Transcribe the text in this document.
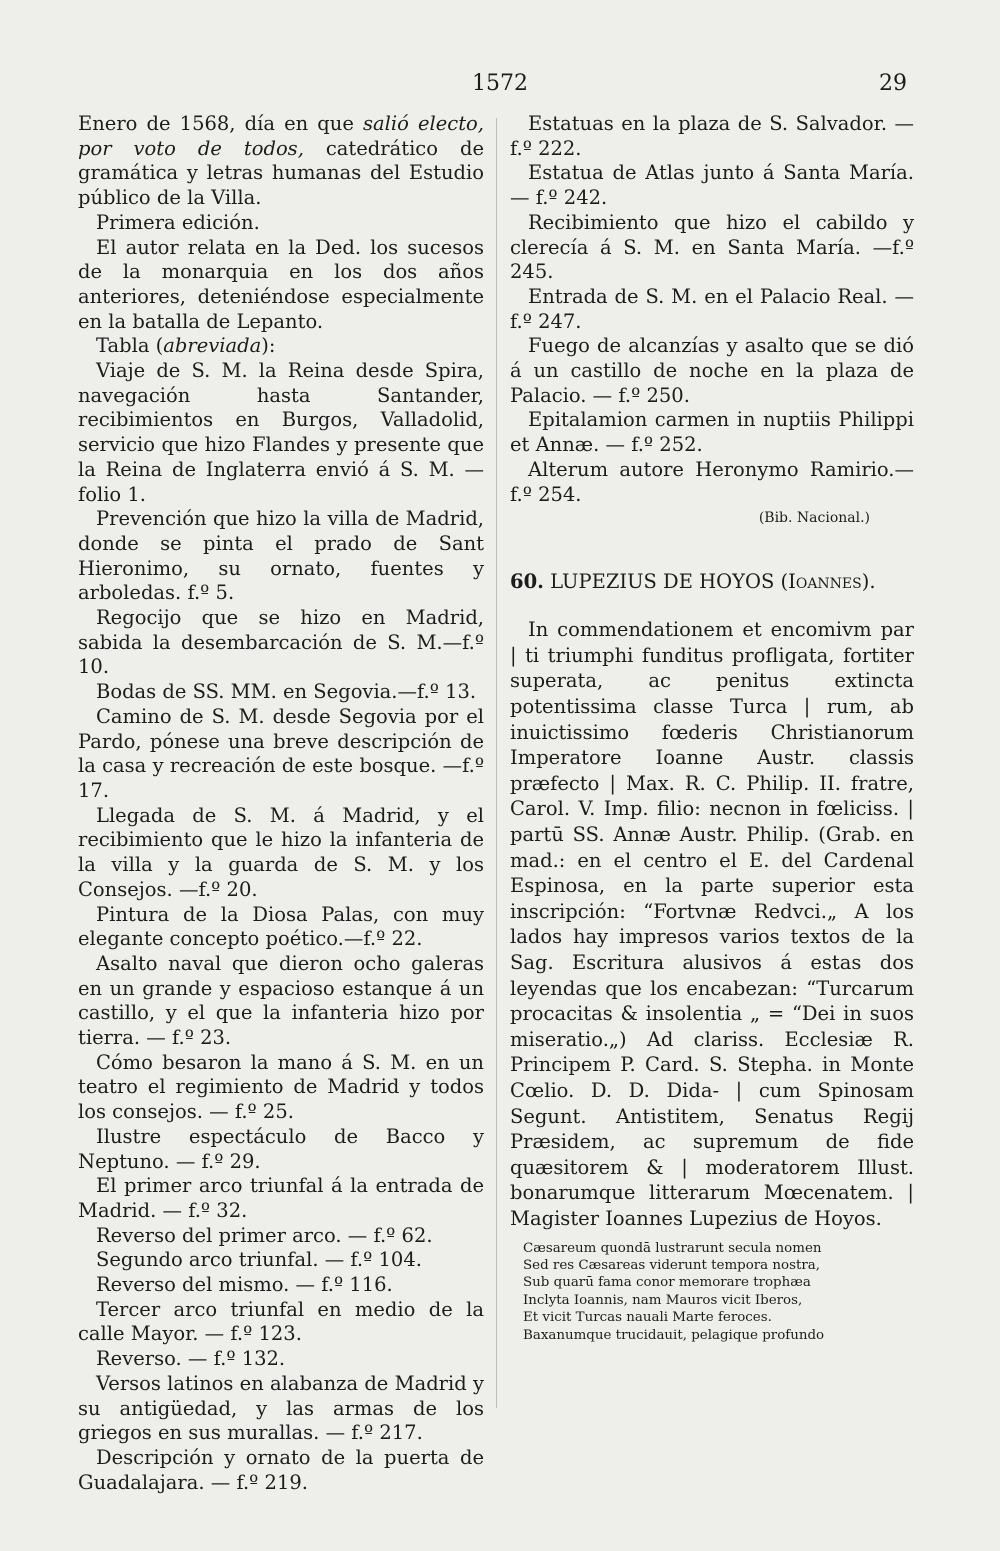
1572	29

Enero de 1568, día en que salió electo, por voto de todos, catedrático de gramática y letras humanas del Estudio público de la Villa.

Primera edición.

El autor relata en la Ded. los sucesos de la monarquia en los dos años anteriores, deteniéndose especialmente en la batalla de Lepanto.

Tabla (abreviada):

Viaje de S. M. la Reina desde Spira, navegación hasta Santander, recibimientos en Burgos, Valladolid, servicio que hizo Flandes y presente que la Reina de Inglaterra envió á S. M. — folio 1.

Prevención que hizo la villa de Madrid, donde se pinta el prado de Sant Hieronimo, su ornato, fuentes y arboledas. f.º 5.

Regocijo que se hizo en Madrid, sabida la desembarcación de S. M.—f.º 10.

Bodas de SS. MM. en Segovia.—f.º 13.

Camino de S. M. desde Segovia por el Pardo, pónese una breve descripción de la casa y recreación de este bosque. —f.º 17.

Llegada de S. M. á Madrid, y el recibimiento que le hizo la infanteria de la villa y la guarda de S. M. y los Consejos. —f.º 20.

Pintura de la Diosa Palas, con muy elegante concepto poético.—f.º 22.

Asalto naval que dieron ocho galeras en un grande y espacioso estanque á un castillo, y el que la infanteria hizo por tierra. — f.º 23.

Cómo besaron la mano á S. M. en un teatro el regimiento de Madrid y todos los consejos. — f.º 25.

Ilustre espectáculo de Bacco y Neptuno. — f.º 29.

El primer arco triunfal á la entrada de Madrid. — f.º 32.

Reverso del primer arco. — f.º 62.

Segundo arco triunfal. — f.º 104.

Reverso del mismo. — f.º 116.

Tercer arco triunfal en medio de la calle Mayor. — f.º 123.

Reverso. — f.º 132.

Versos latinos en alabanza de Madrid y su antigüedad, y las armas de los griegos en sus murallas. — f.º 217.

Descripción y ornato de la puerta de Guadalajara. — f.º 219.

Estatuas en la plaza de S. Salvador. — f.º 222.

Estatua de Atlas junto á Santa María. — f.º 242.

Recibimiento que hizo el cabildo y clerecía á S. M. en Santa María. —f.º 245.

Entrada de S. M. en el Palacio Real. — f.º 247.

Fuego de alcanzías y asalto que se dió á un castillo de noche en la plaza de Palacio. — f.º 250.

Epitalamion carmen in nuptiis Philippi et Annæ. — f.º 252.

Alterum autore Heronymo Ramirio.— f.º 254.

(Bib. Nacional.)

60. LUPEZIUS DE HOYOS (Ioannes).

In commendationem et encomivm par | ti triumphi funditus profligata, fortiter superata, ac penitus extincta potentissima classe Turca | rum, ab inuictissimo fœderis Christianorum Imperatore Ioanne Austr. classis præfecto | Max. R. C. Philip. II. fratre, Carol. V. Imp. filio: necnon in fœliciss. | partū SS. Annæ Austr. Philip. (Grab. en mad.: en el centro el E. del Cardenal Espinosa, en la parte superior esta inscripción: “Fortvnæ Redvci.„ A los lados hay impresos varios textos de la Sag. Escritura alusivos á estas dos leyendas que los encabezan: “Turcarum procacitas & insolentia „ = “Dei in suos miseratio.„) Ad clariss. Ecclesiæ R. Principem P. Card. S. Stepha. in Monte Cœlio. D. D. Dida- | cum Spinosam Segunt. Antistitem, Senatus Regij Præsidem, ac supremum de fide quæsitorem & | moderatorem Illust. bonarumque litterarum Mœcenatem. | Magister Ioannes Lupezius de Hoyos.

Cæsareum quondā lustrarunt secula nomen
Sed res Cæsareas viderunt tempora nostra,
Sub quarū fama conor memorare trophæa
Inclyta Ioannis, nam Mauros vicit Iberos,
Et vicit Turcas nauali Marte feroces.
Baxanumque trucidauit, pelagique profundo
